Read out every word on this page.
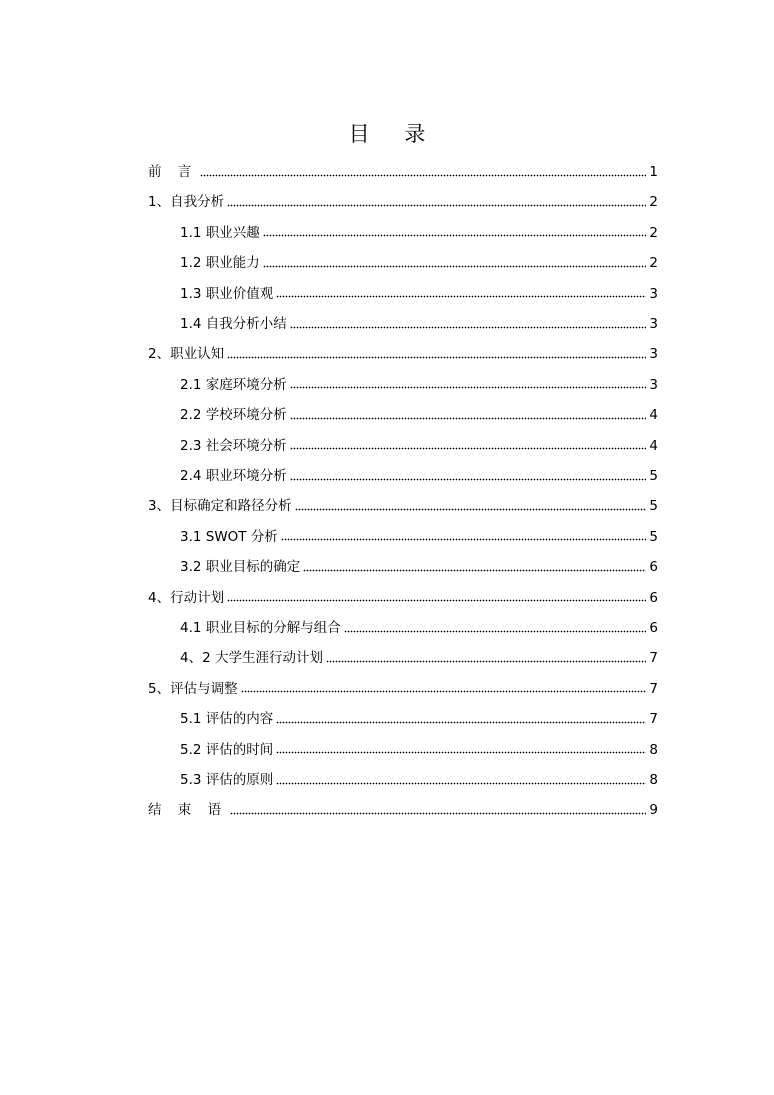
目 录
前 言	1
1、自我分析	2
1.1 职业兴趣	2
1.2 职业能力	2
1.3 职业价值观	3
1.4 自我分析小结	3
2、职业认知	3
2.1 家庭环境分析	3
2.2 学校环境分析	4
2.3 社会环境分析	4
2.4 职业环境分析	5
3、目标确定和路径分析	5
3.1 SWOT 分析	5
3.2 职业目标的确定	6
4、行动计划	6
4.1 职业目标的分解与组合	6
4、2 大学生涯行动计划	7
5、评估与调整	7
5.1 评估的内容	7
5.2 评估的时间	8
5.3 评估的原则	8
结 束 语	9
